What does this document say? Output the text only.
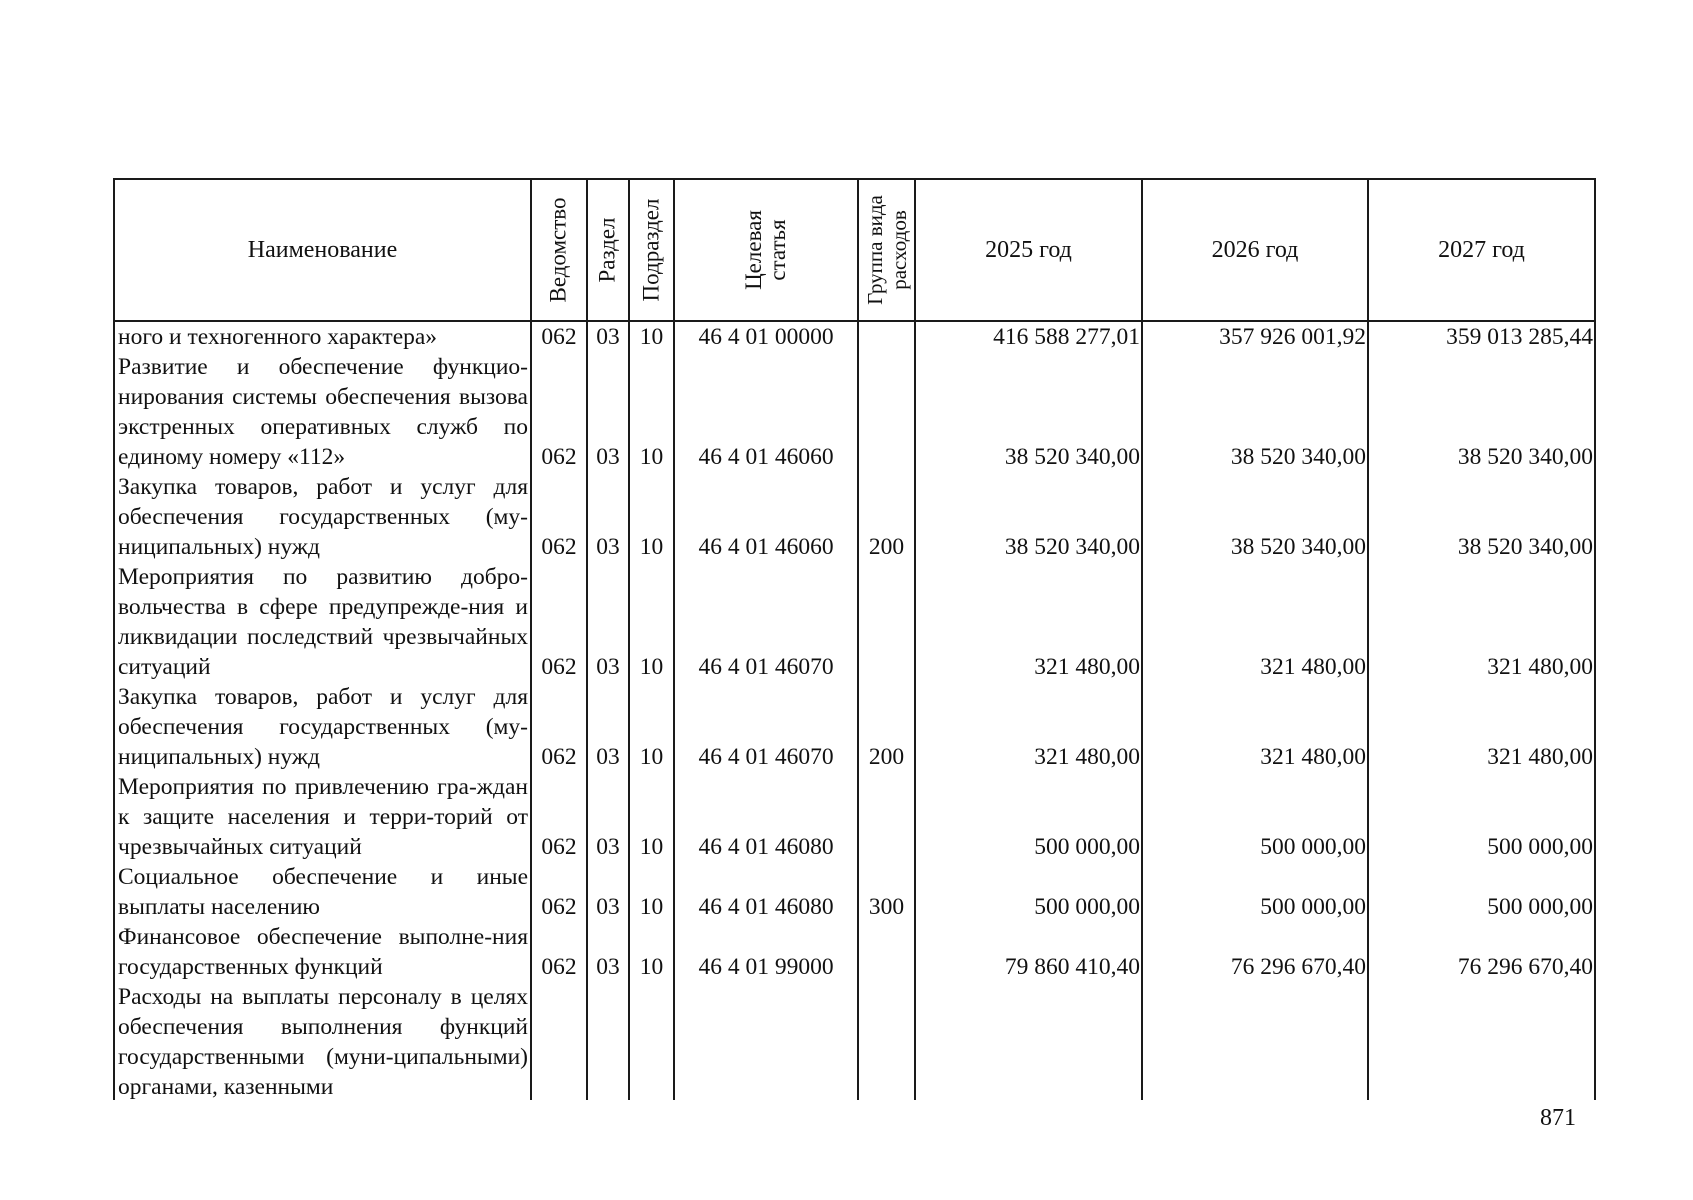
Наименование	Ведомство Раздел Подраздел	Целевая статья	Группа вида расходов	2025 год	2026 год	2027 год
ного и техногенного характера»	062 03 10	46 4 01 00000	416 588 277,01	357 926 001,92	359 013 285,44
Развитие и обеспечение функцио-нирования системы обеспечения вызова экстренных оперативных служб по единому номеру «112»	062 03 10	46 4 01 46060	38 520 340,00	38 520 340,00	38 520 340,00
Закупка товаров, работ и услуг для обеспечения государственных (му-ниципальных) нужд	062 03 10	46 4 01 46060	200	38 520 340,00	38 520 340,00	38 520 340,00
Мероприятия по развитию добро-вольчества в сфере предупрежде-ния и ликвидации последствий чрезвычайных ситуаций	062 03 10	46 4 01 46070	321 480,00	321 480,00	321 480,00
Закупка товаров, работ и услуг для обеспечения государственных (му-ниципальных) нужд	062 03 10	46 4 01 46070	200	321 480,00	321 480,00	321 480,00
Мероприятия по привлечению гра-ждан к защите населения и терри-торий от чрезвычайных ситуаций	062 03 10	46 4 01 46080	500 000,00	500 000,00	500 000,00
Социальное обеспечение и иные выплаты населению	062 03 10	46 4 01 46080	300	500 000,00	500 000,00	500 000,00
Финансовое обеспечение выполне-ния государственных функций	062 03 10	46 4 01 99000	79 860 410,40	76 296 670,40	76 296 670,40
Расходы на выплаты персоналу в целях обеспечения выполнения функций государственными (муни-ципальными) органами, казенными
871
